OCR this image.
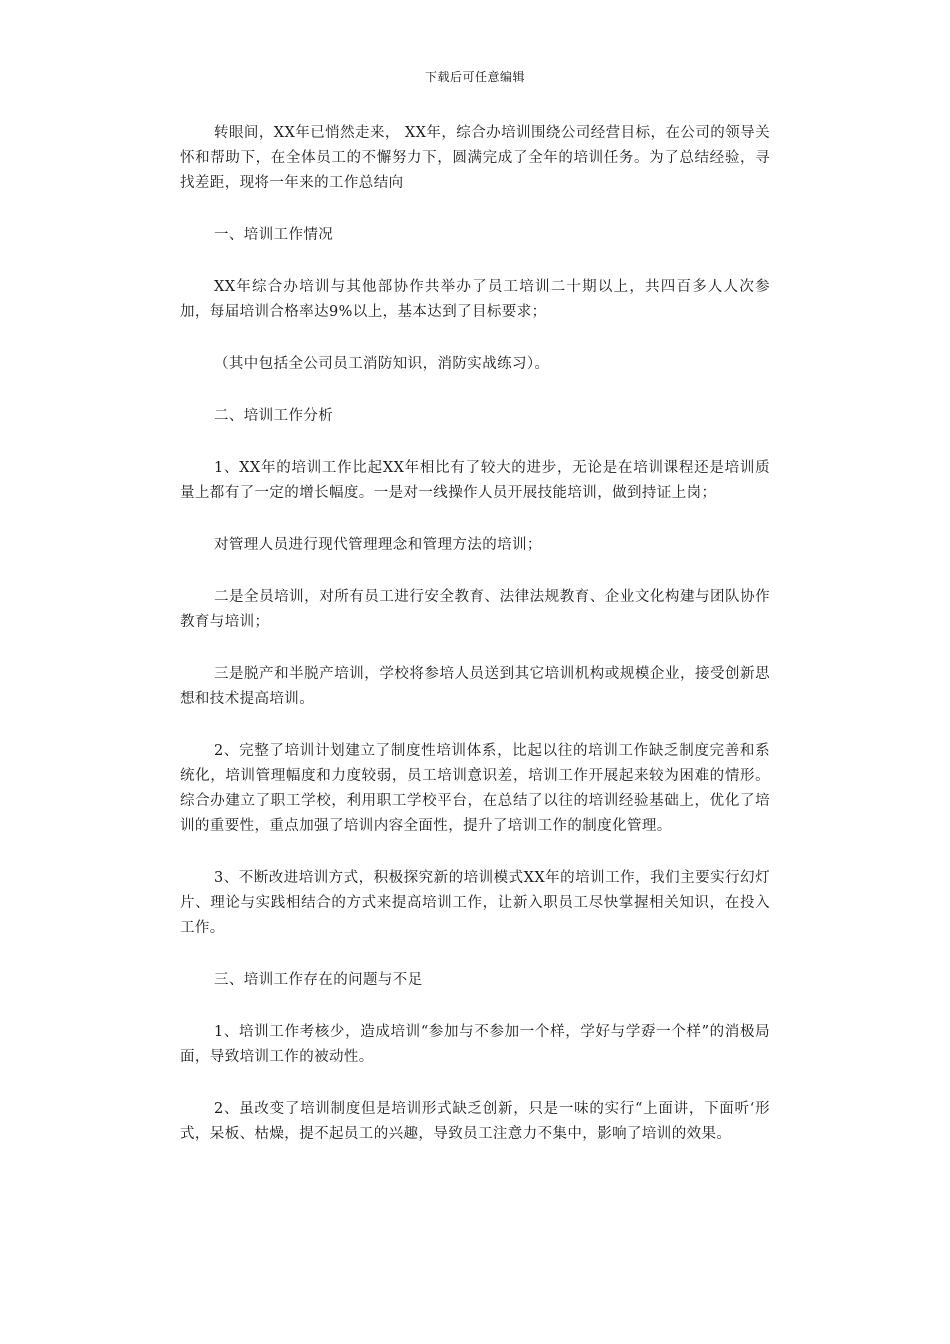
下载后可任意编辑

转眼间，XX年已悄然走来， XX年，综合办培训围绕公司经营目标，在公司的领导关怀和帮助下，在全体员工的不懈努力下，圆满完成了全年的培训任务。为了总结经验，寻找差距，现将一年来的工作总结向

一、培训工作情况

XX年综合办培训与其他部协作共举办了员工培训二十期以上，共四百多人人次参加，每届培训合格率达9%以上，基本达到了目标要求；

（其中包括全公司员工消防知识，消防实战练习）。

二、培训工作分析

1、XX年的培训工作比起XX年相比有了较大的进步，无论是在培训课程还是培训质量上都有了一定的增长幅度。一是对一线操作人员开展技能培训，做到持证上岗；

对管理人员进行现代管理理念和管理方法的培训；

二是全员培训，对所有员工进行安全教育、法律法规教育、企业文化构建与团队协作教育与培训；

三是脱产和半脱产培训，学校将参培人员送到其它培训机构或规模企业，接受创新思想和技术提高培训。

2、完整了培训计划建立了制度性培训体系，比起以往的培训工作缺乏制度完善和系统化，培训管理幅度和力度较弱，员工培训意识差，培训工作开展起来较为困难的情形。综合办建立了职工学校，利用职工学校平台，在总结了以往的培训经验基础上，优化了培训的重要性，重点加强了培训内容全面性，提升了培训工作的制度化管理。

3、不断改进培训方式，积极探究新的培训模式XX年的培训工作，我们主要实行幻灯片、理论与实践相结合的方式来提高培训工作，让新入职员工尽快掌握相关知识，在投入工作。

三、培训工作存在的问题与不足

1、培训工作考核少，造成培训“参加与不参加一个样，学好与学孬一个样”的消极局面，导致培训工作的被动性。

2、虽改变了培训制度但是培训形式缺乏创新，只是一味的实行“上面讲，下面听‘形式，呆板、枯燥，提不起员工的兴趣，导致员工注意力不集中，影响了培训的效果。
